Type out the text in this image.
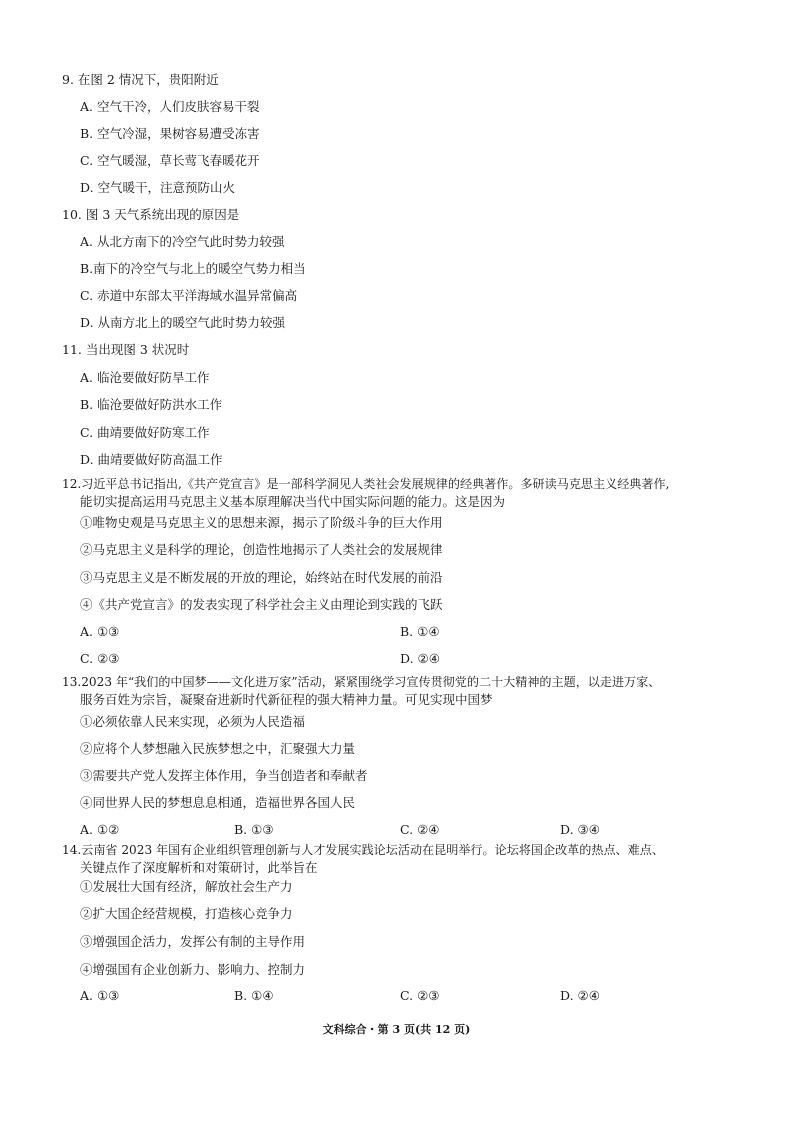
9. 在图 2 情况下，贵阳附近
A. 空气干冷，人们皮肤容易干裂
B. 空气冷湿，果树容易遭受冻害
C. 空气暖湿，草长莺飞春暖花开
D. 空气暖干，注意预防山火
10. 图 3 天气系统出现的原因是
A. 从北方南下的冷空气此时势力较强
B.南下的冷空气与北上的暖空气势力相当
C. 赤道中东部太平洋海域水温异常偏高
D. 从南方北上的暖空气此时势力较强
11. 当出现图 3 状况时
A. 临沧要做好防旱工作
B. 临沧要做好防洪水工作
C. 曲靖要做好防寒工作
D. 曲靖要做好防高温工作
12.习近平总书记指出,《共产党宣言》是一部科学洞见人类社会发展规律的经典著作。多研读马克思主义经典著作,
能切实提高运用马克思主义基本原理解决当代中国实际问题的能力。这是因为
①唯物史观是马克思主义的思想来源，揭示了阶级斗争的巨大作用
②马克思主义是科学的理论，创造性地揭示了人类社会的发展规律
③马克思主义是不断发展的开放的理论，始终站在时代发展的前沿
④《共产党宣言》的发表实现了科学社会主义由理论到实践的飞跃
A. ①③	B. ①④
C. ②③	D. ②④
13.2023 年“我们的中国梦——文化进万家”活动，紧紧围绕学习宣传贯彻党的二十大精神的主题，以走进万家、
服务百姓为宗旨，凝聚奋进新时代新征程的强大精神力量。可见实现中国梦
①必须依靠人民来实现，必须为人民造福
②应将个人梦想融入民族梦想之中，汇聚强大力量
③需要共产党人发挥主体作用，争当创造者和奉献者
④同世界人民的梦想息息相通，造福世界各国人民
A. ①②	B. ①③	C. ②④	D. ③④
14.云南省 2023 年国有企业组织管理创新与人才发展实践论坛活动在昆明举行。论坛将国企改革的热点、难点、
关键点作了深度解析和对策研讨，此举旨在
①发展壮大国有经济，解放社会生产力
②扩大国企经营规模，打造核心竞争力
③增强国企活力，发挥公有制的主导作用
④增强国有企业创新力、影响力、控制力
A. ①③	B. ①④	C. ②③	D. ②④
文科综合・第 3 页(共 12 页)
